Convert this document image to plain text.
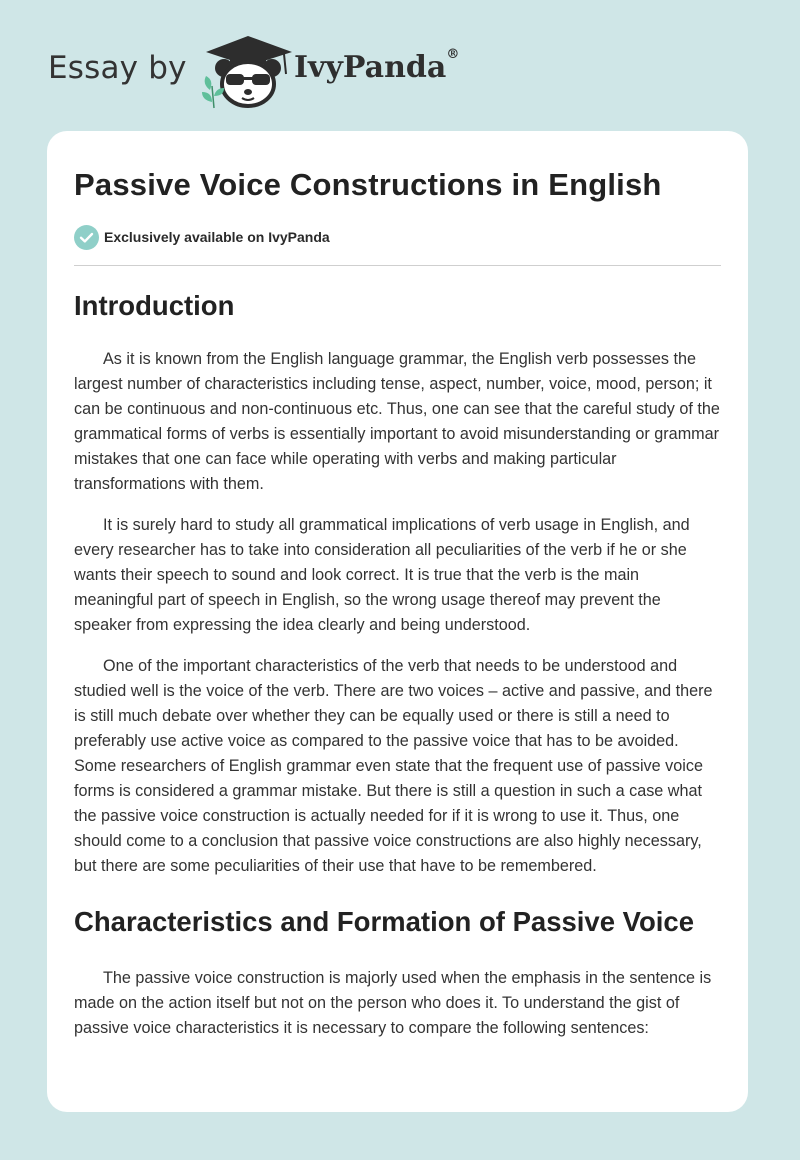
Essay by	IvyPanda®
Passive Voice Constructions in English
Exclusively available on IvyPanda
Introduction

As it is known from the English language grammar, the English verb possesses the largest number of characteristics including tense, aspect, number, voice, mood, person; it can be continuous and non-continuous etc. Thus, one can see that the careful study of the grammatical forms of verbs is essentially important to avoid misunderstanding or grammar mistakes that one can face while operating with verbs and making particular transformations with them.

It is surely hard to study all grammatical implications of verb usage in English, and every researcher has to take into consideration all peculiarities of the verb if he or she wants their speech to sound and look correct. It is true that the verb is the main meaningful part of speech in English, so the wrong usage thereof may prevent the speaker from expressing the idea clearly and being understood.

One of the important characteristics of the verb that needs to be understood and studied well is the voice of the verb. There are two voices – active and passive, and there is still much debate over whether they can be equally used or there is still a need to preferably use active voice as compared to the passive voice that has to be avoided. Some researchers of English grammar even state that the frequent use of passive voice forms is considered a grammar mistake. But there is still a question in such a case what the passive voice construction is actually needed for if it is wrong to use it. Thus, one should come to a conclusion that passive voice constructions are also highly necessary, but there are some peculiarities of their use that have to be remembered.

Characteristics and Formation of Passive Voice

The passive voice construction is majorly used when the emphasis in the sentence is made on the action itself but not on the person who does it. To understand the gist of passive voice characteristics it is necessary to compare the following sentences:
